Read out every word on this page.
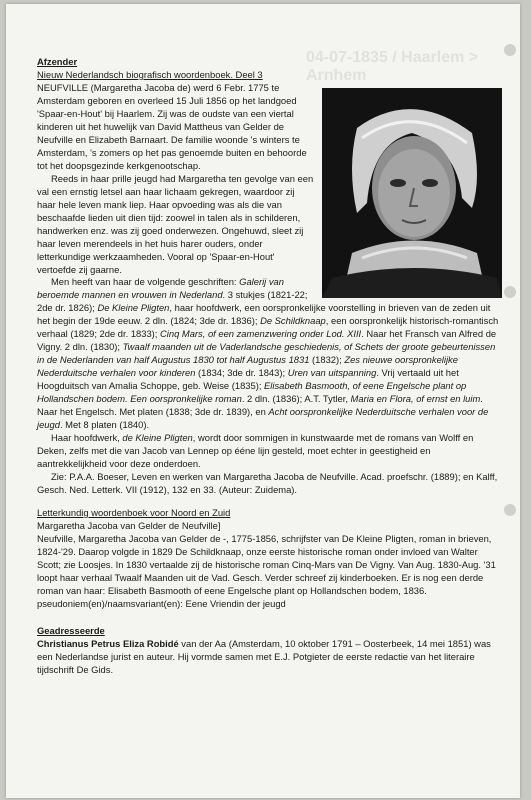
04-07-1835 / Haarlem > Arnhem

Afzender

Nieuw Nederlandsch biografisch woordenboek. Deel 3

NEUFVILLE (Margaretha Jacoba de) werd 6 Febr. 1775 te Amsterdam geboren en overleed 15 Juli 1856 op het landgoed 'Spaar-en-Hout' bij Haarlem. Zij was de oudste van een viertal kinderen uit het huwelijk van David Mattheus van Gelder de Neufville en Elizabeth Barnaart. De familie woonde 's winters te Amsterdam, 's zomers op het pas genoemde buiten en behoorde tot het doopsgezinde kerkgenootschap.

Reeds in haar prille jeugd had Margaretha ten gevolge van een val een ernstig letsel aan haar lichaam gekregen, waardoor zij haar hele leven mank liep. Haar opvoeding was als die van beschaafde lieden uit dien tijd: zoowel in talen als in schilderen, handwerken enz. was zij goed onderwezen. Ongehuwd, sleet zij haar leven merendeels in het huis harer ouders, onder letterkundige werkzaamheden. Vooral op 'Spaar-en-Hout' vertoefde zij gaarne.

Men heeft van haar de volgende geschriften: Galerij van beroemde mannen en vrouwen in Nederland. 3 stukjes (1821-22; 2de dr. 1826); De Kleine Pligten, haar hoofdwerk, een oorspronkelijke voorstelling in brieven van de zeden uit het begin der 19de eeuw. 2 dln. (1824; 3de dr. 1836); De Schildknaap, een oorspronkelijk historisch-romantisch verhaal (1829; 2de dr. 1833); Cinq Mars, of een zamenzwering onder Lod. XIII. Naar het Fransch van Alfred de Vigny. 2 dln. (1830); Twaalf maanden uit de Vaderlandsche geschiedenis, of Schets der groote gebeurtenissen in de Nederlanden van half Augustus 1830 tot half Augustus 1831 (1832); Zes nieuwe oorspronkelijke Nederduitsche verhalen voor kinderen (1834; 3de dr. 1843); Uren van uitspanning. Vrij vertaald uit het Hoogduitsch van Amalia Schoppe, geb. Weise (1835); Elisabeth Basmooth, of eene Engelsche plant op Hollandschen bodem. Een oorspronkelijke roman. 2 dln. (1836); A.T. Tytler, Maria en Flora, of ernst en luim. Naar het Engelsch. Met platen (1838; 3de dr. 1839), en Acht oorspronkelijke Nederduitsche verhalen voor de jeugd. Met 8 platen (1840).

Haar hoofdwerk, de Kleine Pligten, wordt door sommigen in kunstwaarde met de romans van Wolff en Deken, zelfs met die van Jacob van Lennep op éénе lijn gesteld, moet echter in geestigheid en aantrekkelijkheid voor deze onderdoen.

Zie: P.A.A. Boeser, Leven en werken van Margaretha Jacoba de Neufville. Acad. proefschr. (1889); en Kalff, Gesch. Ned. Letterk. VII (1912), 132 en 33. (Auteur: Zuidema).

Letterkundig woordenboek voor Noord en Zuid

Margaretha Jacoba van Gelder de Neufville]

Neufville, Margaretha Jacoba van Gelder de -, 1775-1856, schrijfster van De Kleine Pligten, roman in brieven, 1824-'29. Daarop volgde in 1829 De Schildknaap, onze eerste historische roman onder invloed van Walter Scott; zie Loosjes. In 1830 vertaalde zij de historische roman Cinq-Mars van De Vigny. Van Aug. 1830-Aug. '31 loopt haar verhaal Twaalf Maanden uit de Vad. Gesch. Verder schreef zij kinderboeken. Er is nog een derde roman van haar: Elisabeth Basmooth of eene Engelsche plant op Hollandschen bodem, 1836.

pseudoniem(en)/naamsvariant(en): Eene Vriendin der jeugd

Geadresseerde

Christianus Petrus Eliza Robidé van der Aa (Amsterdam, 10 oktober 1791 – Oosterbeek, 14 mei 1851) was een Nederlandse jurist en auteur. Hij vormde samen met E.J. Potgieter de eerste redactie van het literaire tijdschrift De Gids.
